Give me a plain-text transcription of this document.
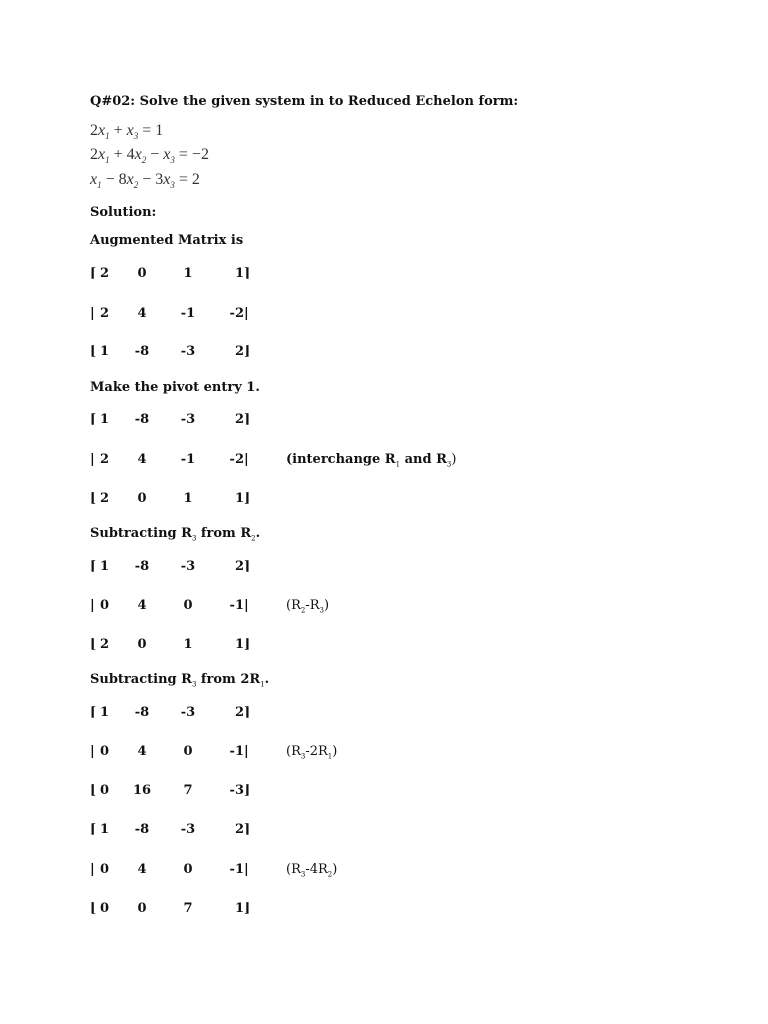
Q#02: Solve the given system in to Reduced Echelon form:
$2x_1 + x_3 = 1$
$2x_1 + 4x_2 - x_3 = -2$
$x_1 - 8x_2 - 3x_3 = 2$
Solution:
Augmented Matrix is
⌈ 2	0	1	1 ⌉
| 2	4	-1	-2 |
⌊ 1	-8	-3	2 ⌋
Make the pivot entry 1.
⌈ 1	-8	-3	2 ⌉
| 2	4	-1	-2 |	(interchange $R_1$ and $R_3$)
⌊ 2	0	1	1 ⌋
Subtracting $R_3$ from $R_2$.
⌈ 1	-8	-3	2 ⌉
| 0	4	0	-1 |	$(R_2-R_3)$
⌊ 2	0	1	1 ⌋
Subtracting $R_3$ from $2R_1$.
⌈ 1	-8	-3	2 ⌉
| 0	4	0	-1 |	$(R_3-2R_1)$
⌊ 0	16	7	-3 ⌋
⌈ 1	-8	-3	2 ⌉
| 0	4	0	-1 |	$(R_3-4R_2)$
⌊ 0	0	7	1 ⌋
